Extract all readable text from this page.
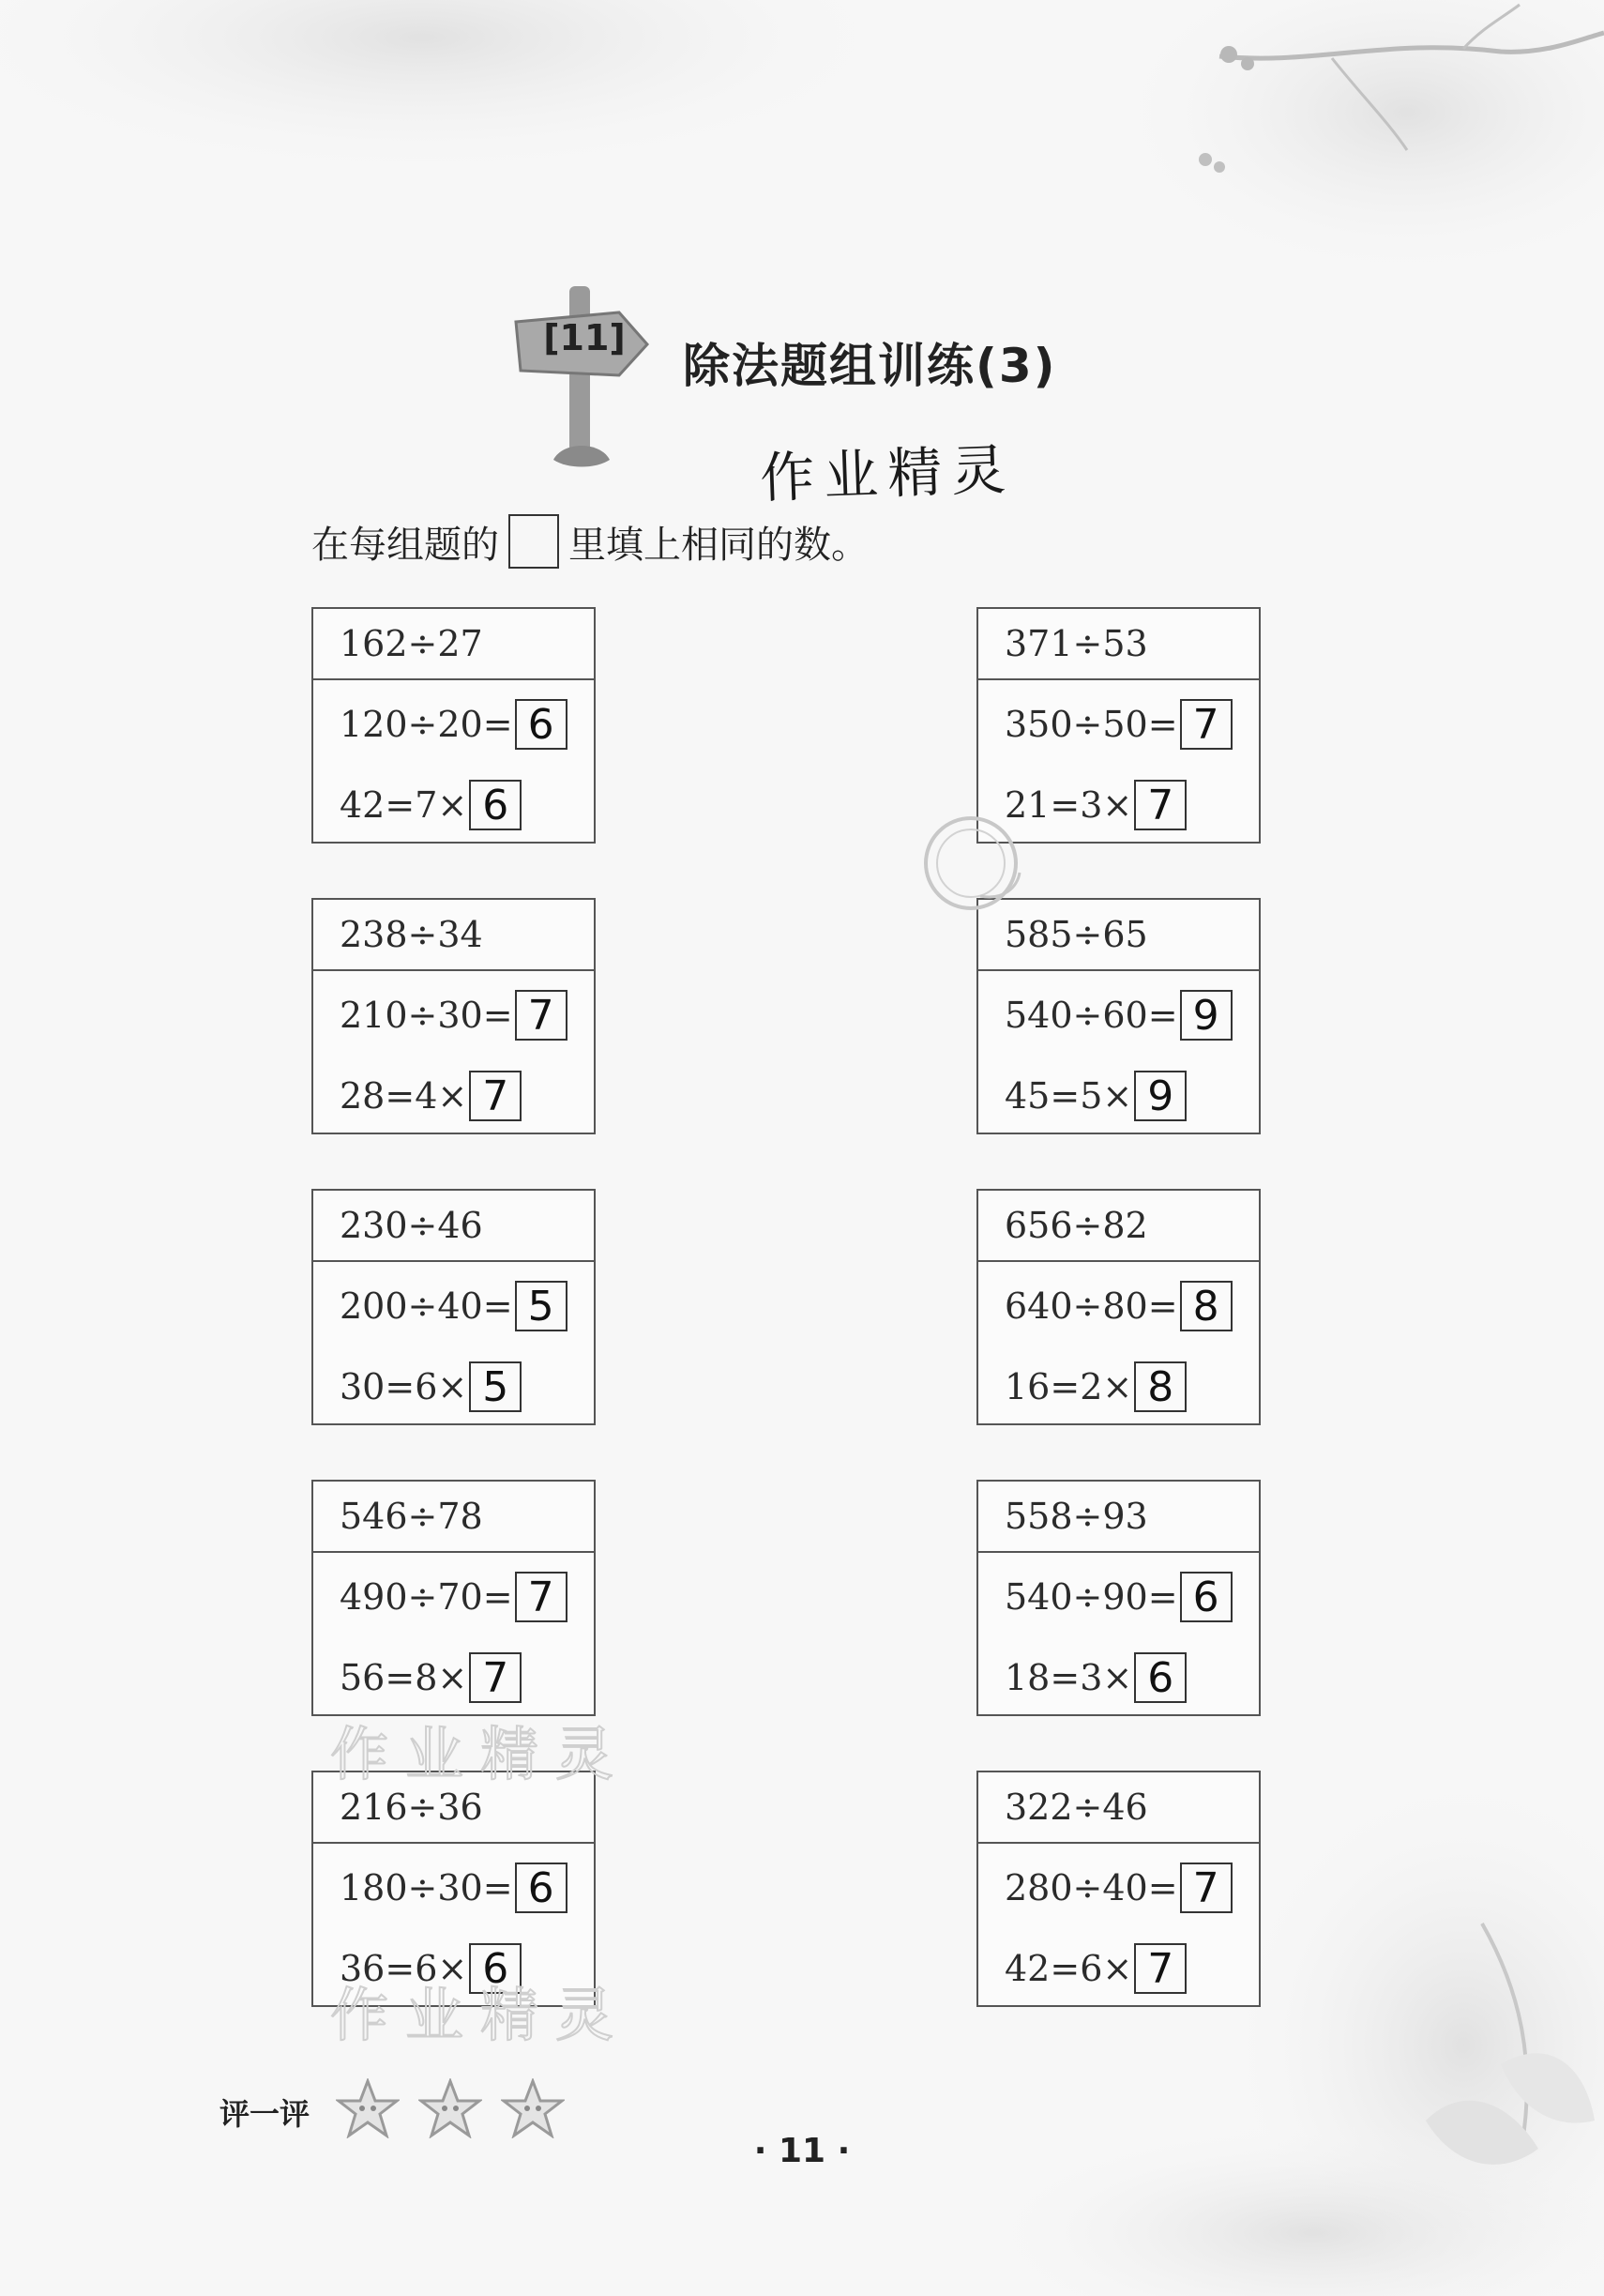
[11]
除法题组训练(3)
作业精灵
在每组题的 里填上相同的数。
162÷27
120÷20= 6
42=7× 6
371÷53
350÷50= 7
21=3× 7
238÷34
210÷30= 7
28=4× 7
585÷65
540÷60= 9
45=5× 9
230÷46
200÷40= 5
30=6× 5
656÷82
640÷80= 8
16=2× 8
546÷78
490÷70= 7
56=8× 7
558÷93
540÷90= 6
18=3× 6
216÷36
180÷30= 6
36=6× 6
322÷46
280÷40= 7
42=6× 7
作业精灵
作业精灵
评一评
· 11 ·
